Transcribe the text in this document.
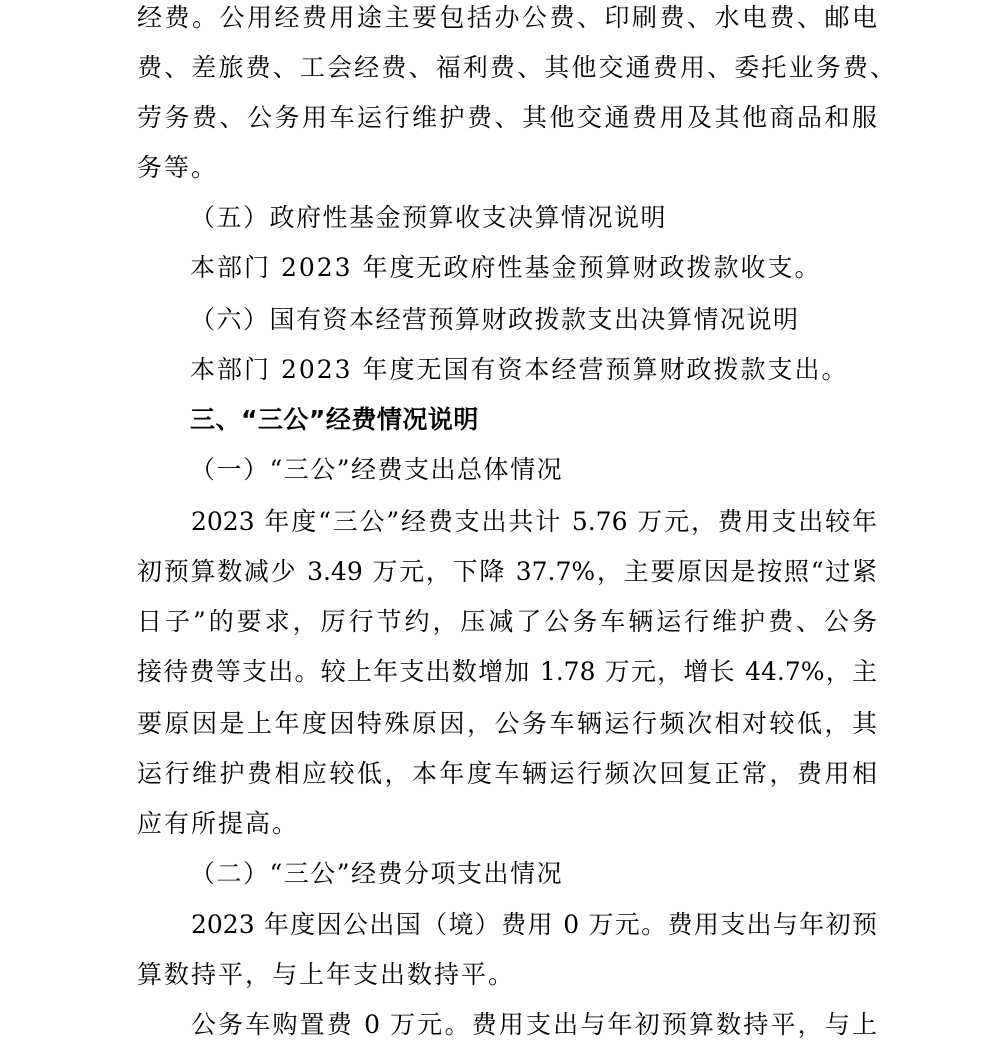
经费。公用经费用途主要包括办公费、印刷费、水电费、邮电
费、差旅费、工会经费、福利费、其他交通费用、委托业务费、
劳务费、公务用车运行维护费、其他交通费用及其他商品和服
务等。
（五）政府性基金预算收支决算情况说明
本部门 2023 年度无政府性基金预算财政拨款收支。
（六）国有资本经营预算财政拨款支出决算情况说明
本部门 2023 年度无国有资本经营预算财政拨款支出。
三、“三公”经费情况说明
（一）“三公”经费支出总体情况
2023 年度“三公”经费支出共计 5.76 万元，费用支出较年
初预算数减少 3.49 万元，下降 37.7%，主要原因是按照“过紧
日子”的要求，厉行节约，压减了公务车辆运行维护费、公务
接待费等支出。较上年支出数增加 1.78 万元，增长 44.7%，主
要原因是上年度因特殊原因，公务车辆运行频次相对较低，其
运行维护费相应较低，本年度车辆运行频次回复正常，费用相
应有所提高。
（二）“三公”经费分项支出情况
2023 年度因公出国（境）费用 0 万元。费用支出与年初预
算数持平，与上年支出数持平。
公务车购置费 0 万元。费用支出与年初预算数持平，与上
